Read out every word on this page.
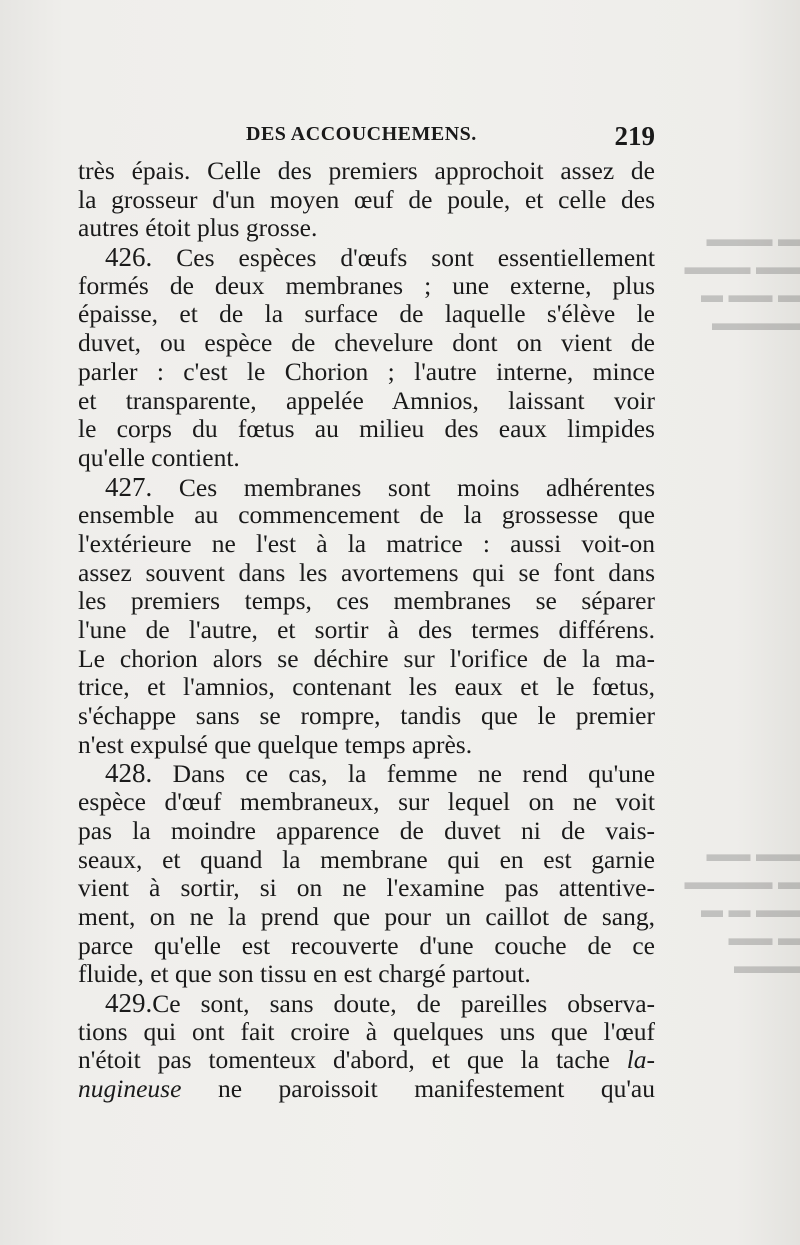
▬ ▬▬▬
▬▬ ▬▬▬
▬ ▬▬ ▬
▬▬▬▬
▬▬ ▬▬
▬ ▬▬▬▬
▬▬ ▬ ▬
▬ ▬▬
▬▬▬
DES ACCOUCHEMENS.	219
très épais. Celle des premiers approchoit assez de
la grosseur d'un moyen œuf de poule, et celle des
autres étoit plus grosse.
426. Ces espèces d'œufs sont essentiellement
formés de deux membranes ; une externe, plus
épaisse, et de la surface de laquelle s'élève le
duvet, ou espèce de chevelure dont on vient de
parler : c'est le Chorion ; l'autre interne, mince
et transparente, appelée Amnios, laissant voir
le corps du fœtus au milieu des eaux limpides
qu'elle contient.
427. Ces membranes sont moins adhérentes
ensemble au commencement de la grossesse que
l'extérieure ne l'est à la matrice : aussi voit-on
assez souvent dans les avortemens qui se font dans
les premiers temps, ces membranes se séparer
l'une de l'autre, et sortir à des termes différens.
Le chorion alors se déchire sur l'orifice de la ma-
trice, et l'amnios, contenant les eaux et le fœtus,
s'échappe sans se rompre, tandis que le premier
n'est expulsé que quelque temps après.
428. Dans ce cas, la femme ne rend qu'une
espèce d'œuf membraneux, sur lequel on ne voit
pas la moindre apparence de duvet ni de vais-
seaux, et quand la membrane qui en est garnie
vient à sortir, si on ne l'examine pas attentive-
ment, on ne la prend que pour un caillot de sang,
parce qu'elle est recouverte d'une couche de ce
fluide, et que son tissu en est chargé partout.
429.Ce sont, sans doute, de pareilles observa-
tions qui ont fait croire à quelques uns que l'œuf
n'étoit pas tomenteux d'abord, et que la tache la-
nugineuse ne paroissoit manifestement qu'au
